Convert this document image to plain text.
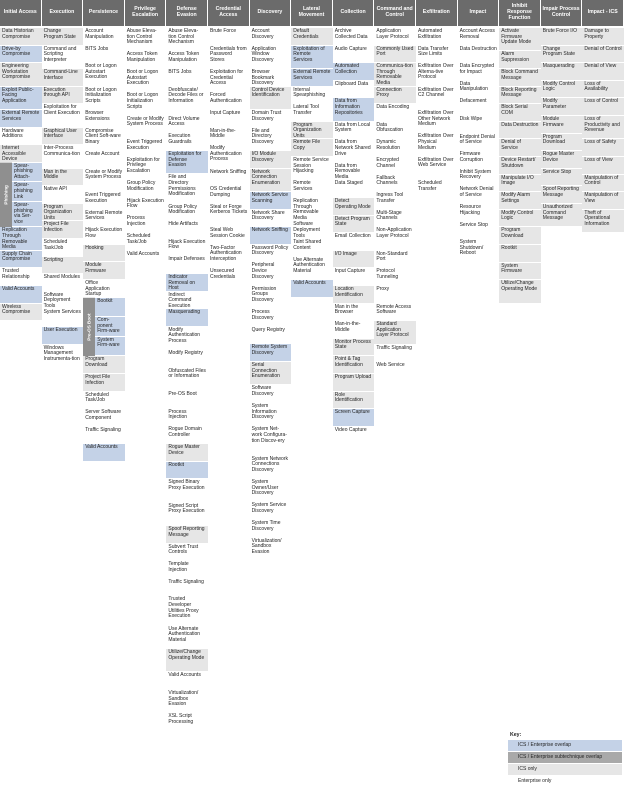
Initial Access
Data Historian Compromise
Drive-by Compromise
Engineering Workstation Compromise
Exploit Public-Facing Application
External Remote Services
Hardware Additions
Internet Accessible Device
Phishing
Spear-phishing Attach-
Spear-phishing Link
Spear-phishing via Ser-vice
Replication Through Removable Media
Supply Chain Compromise
Trusted Relationship
Valid Accounts
Wireless Compromise
Execution
Change Program State
Command and Scripting Interpreter
Command-Line Interface
Execution through API
Exploitation for Client Execution
Graphical User Interface
Inter-Process Communica-tion
Man in the Middle
Native API
Program Organization Units
Project File Infection
Scheduled Task/Job
Scripting
Shared Modules
Software Deployment Tools
System Services
User Execution
Windows Management Instrumenta-tion
Persistence
Account Manipulation
BITS Jobs
Boot or Logon Autostart Execution
Boot or Logon Initialization Scripts
Browser Extensions
Compromise Client Soft-ware Binary
Create Account
Create or Modify System Process
Event Triggered Execution
External Remote Services
Hijack Execution Flow
Hooking
Module Firmware
Office Application Startup
Pre-OS Boot
Bootkit
Com-ponent Firm-ware
System Firm-ware
Program Download
Project File Infection
Scheduled Task/Job
Server Software Component
Traffic Signaling
Valid Accounts
Privilege Escalation
Abuse Eleva-tion Control Mechanism
Access Token Manipulation
Boot or Logon Autostart Execution
Boot or Logon Initialization Scripts
Create or Modify System Process
Event Triggered Execution
Exploitation for Privilege Escalation
Group Policy Modification
Hijack Execution Flow
Process Injection
Scheduled Task/Job
Valid Accounts
Defense Evasion
Abuse Eleva-tion Control Mechanism
Access Token Manipulation
BITS Jobs
Deobfuscate/ Decode Files or Information
Direct Volume Access
Execution Guardrails
Exploitation for Defense Evasion
File and Directory Permissions Modification
Group Policy Modification
Hide Artifacts
Hijack Execution Flow
Impair Defenses
Indicator Removal on Host
Indirect Command Execution
Masquerading
Modify Authentication Process
Modify Registry
Obfuscated Files or Information
Pre-OS Boot
Process Injection
Rogue Domain Controller
Rogue Master Device
Rootkit
Signed Binary Proxy Execution
Signed Script Proxy Execution
Spoof Reporting Message
Subvert Trust Controls
Template Injection
Traffic Signaling
Trusted Developer Utilities Proxy Execution
Use Alternate Authentication Material
Utilize/Change Operating Mode
Valid Accounts
Virtualization/ Sandbox Evasion
XSL Script Processing
Credential Access
Brute Force
Credentials from Password Stores
Exploitation for Credential Access
Forced Authentication
Input Capture
Man-in-the-Middle
Modify Authentication Process
Network Sniffing
OS Credential Dumping
Steal or Forge Kerberos Tickets
Steal Web Session Cookie
Two-Factor Authentication Interception
Unsecured Credentials
Discovery
Account Discovery
Application Window Discovery
Browser Bookmark Discovery
Control Device Identification
Domain Trust Discovery
File and Directory Discovery
I/O Module Discovery
Network Connection Enumeration
Network Service Scanning
Network Share Discovery
Network Sniffing
Password Policy Discovery
Peripheral Device Discovery
Permission Groups Discovery
Process Discovery
Query Registry
Remote System Discovery
Serial Connection Enumeration
Software Discovery
System Information Discovery
System Net-work Configura-tion Discov-ery
System Network Connections Discovery
System Owner/User Discovery
System Service Discovery
System Time Discovery
Virtualization/ Sandbox Evasion
Lateral Movement
Default Credentials
Exploitation of Remote Services
External Remote Services
Internal Spearphishing
Lateral Tool Transfer
Program Organization Units
Remote File Copy
Remote Service Session Hijacking
Remote Services
Replication Through Removable Media
Software Deployment Tools
Taint Shared Content
Use Alternate Authentication Material
Valid Accounts
Collection
Archive Collected Data
Audio Capture
Automated Collection
Clipboard Data
Data from Information Repositories
Data from Local System
Data from Network Shared Drive
Data from Removable Media
Data Staged
Detect Operating Mode
Detect Program State
Email Collection
I/O Image
Input Capture
Location Identification
Man in the Browser
Man-in-the-Middle
Monitor Process State
Point & Tag Identification
Program Upload
Role Identification
Screen Capture
Video Capture
Command and Control
Application Layer Protocol
Commonly Used Port
Communica-tion Through Removable Media
Connection Proxy
Data Encoding
Data Obfuscation
Dynamic Resolution
Encrypted Channel
Fallback Channels
Ingress Tool Transfer
Multi-Stage Channels
Non-Application Layer Protocol
Non-Standard Port
Protocol Tunneling
Proxy
Remote Access Software
Standard Application Layer Protocol
Traffic Signaling
Web Service
Exfiltration
Automated Exfiltration
Data Transfer Size Limits
Exfiltration Over Alterna-tive Protocol
Exfiltration Over C2 Channel
Exfiltration Over Other Network Medium
Exfiltration Over Physical Medium
Exfiltration Over Web Service
Scheduled Transfer
Impact
Account Access Removal
Data Destruction
Data Encrypted for Impact
Data Manipulation
Defacement
Disk Wipe
Endpoint Denial of Service
Firmware Corruption
Inhibit System Recovery
Network Denial of Service
Resource Hijacking
Service Stop
System Shutdown/ Reboot
Inhibit Response Function
Activate Firmware Update Mode
Alarm Suppression
Block Command Message
Block Reporting Message
Block Serial COM
Data Destruction
Denial of Service
Device Restart/ Shutdown
Manipulate I/O Image
Modify Alarm Settings
Modify Control Logic
Program Download
Rootkit
System Firmware
Utilize/Change Operating Mode
Impair Process Control
Brute Force I/O
Change Program State
Masquerading
Modify Control Logic
Modify Parameter
Module Firmware
Program Download
Rogue Master Device
Service Stop
Spoof Reporting Message
Unauthorized Command Message
Impact - ICS
Damage to Property
Denial of Control
Denial of View
Loss of Availability
Loss of Control
Loss of Productivity and Revenue
Loss of Safety
Loss of View
Manipulation of Control
Manipulation of View
Theft of Operational Information
Key:
ICS / Enterprise overlap
ICS / Enterprise subtechnique overlap
ICS only
Enterprise only
